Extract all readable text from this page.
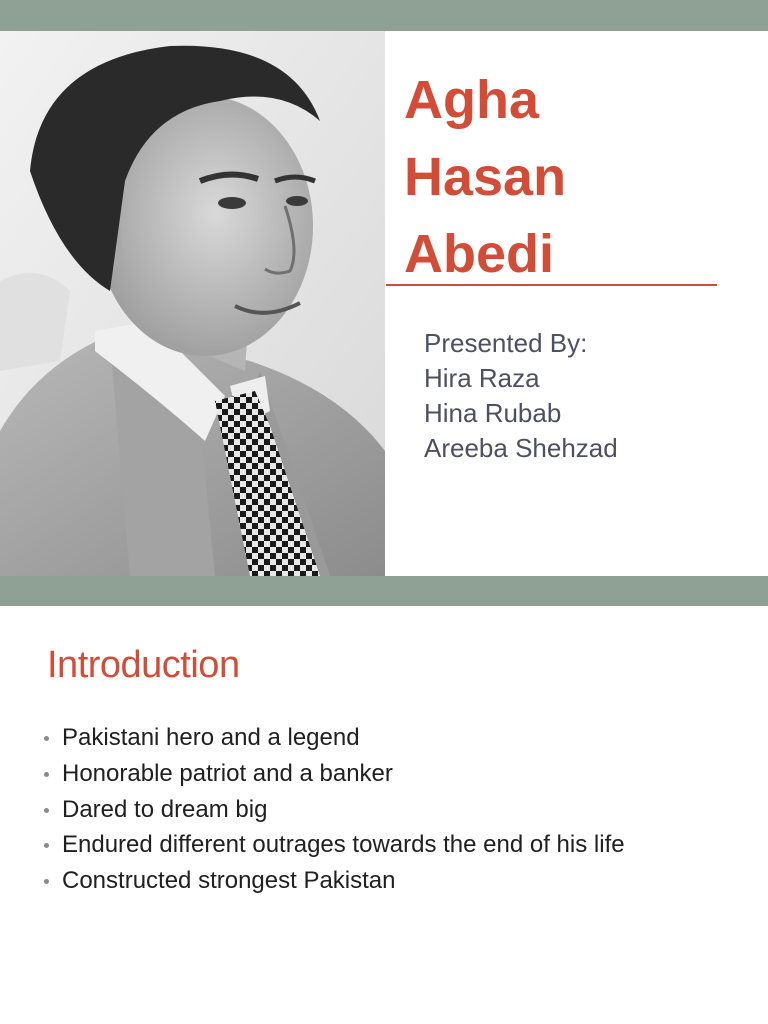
Agha
Hasan
Abedi

Presented By:
Hira Raza
Hina Rubab
Areeba Shehzad

Introduction
Pakistani hero and a legend
Honorable patriot and a banker
Dared to dream big
Endured different outrages towards the end of his life
Constructed strongest Pakistan
